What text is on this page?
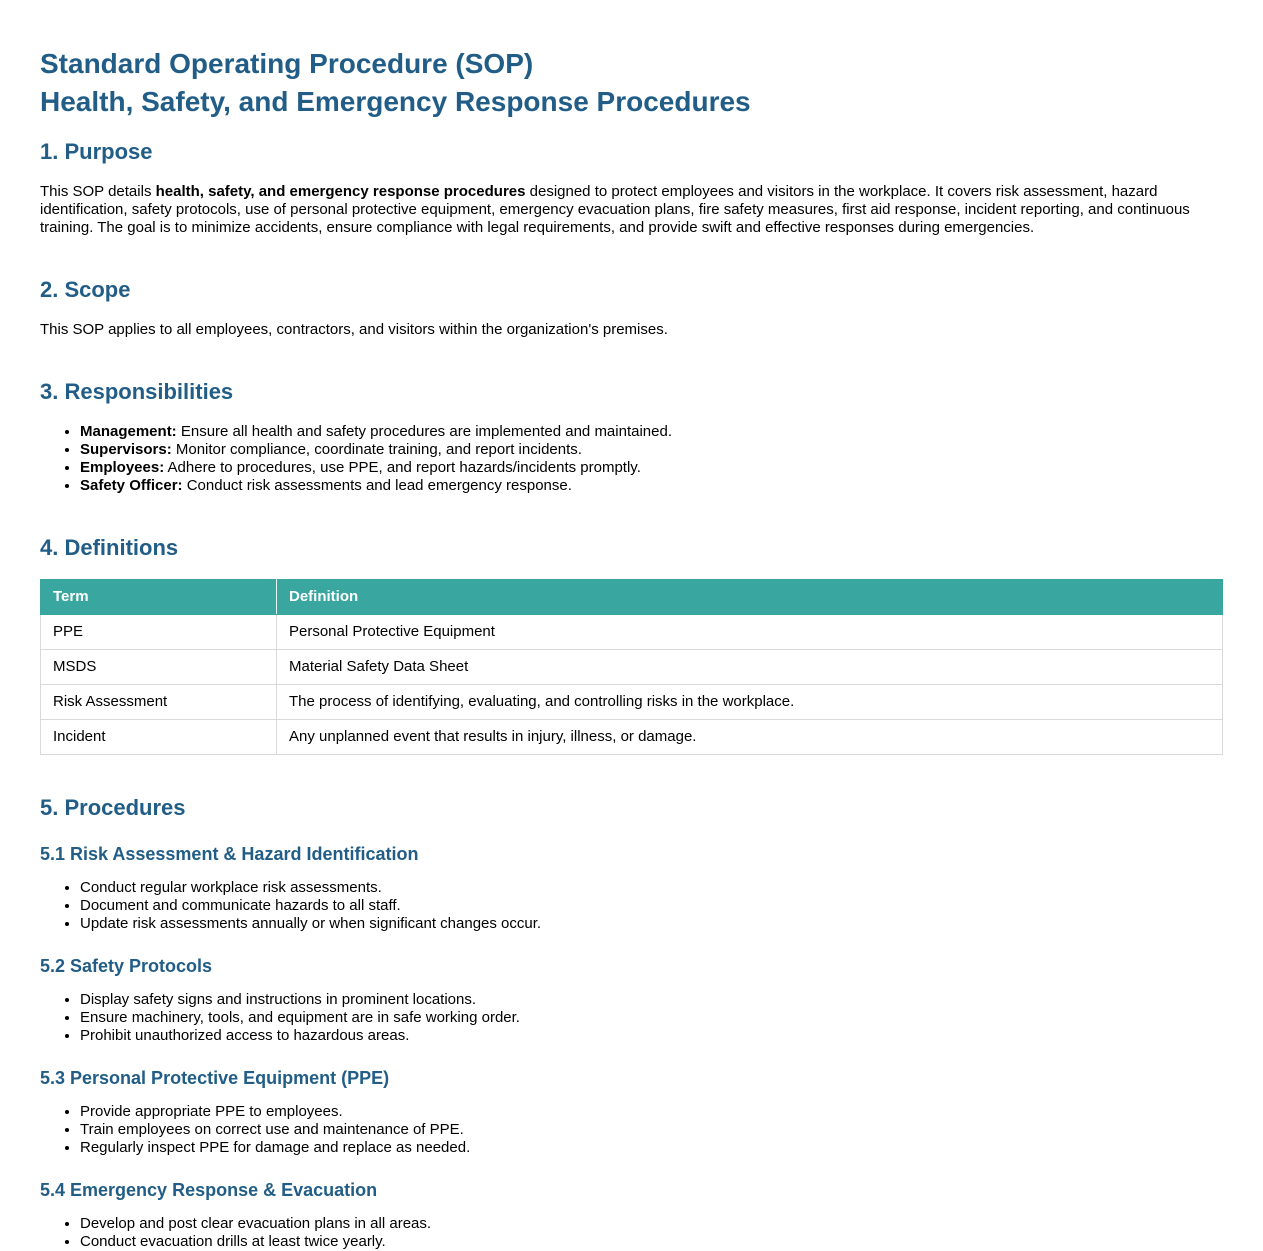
Standard Operating Procedure (SOP)
Health, Safety, and Emergency Response Procedures
1. Purpose

This SOP details health, safety, and emergency response procedures designed to protect employees and visitors in the workplace. It covers risk assessment, hazard identification, safety protocols, use of personal protective equipment, emergency evacuation plans, fire safety measures, first aid response, incident reporting, and continuous training. The goal is to minimize accidents, ensure compliance with legal requirements, and provide swift and effective responses during emergencies.

2. Scope

This SOP applies to all employees, contractors, and visitors within the organization's premises.

3. Responsibilities
• Management: Ensure all health and safety procedures are implemented and maintained.
• Supervisors: Monitor compliance, coordinate training, and report incidents.
• Employees: Adhere to procedures, use PPE, and report hazards/incidents promptly.
• Safety Officer: Conduct risk assessments and lead emergency response.
4. Definitions
Term	Definition
PPE	Personal Protective Equipment
MSDS	Material Safety Data Sheet
Risk Assessment	The process of identifying, evaluating, and controlling risks in the workplace.
Incident	Any unplanned event that results in injury, illness, or damage.
5. Procedures
5.1 Risk Assessment & Hazard Identification
• Conduct regular workplace risk assessments.
• Document and communicate hazards to all staff.
• Update risk assessments annually or when significant changes occur.
5.2 Safety Protocols
• Display safety signs and instructions in prominent locations.
• Ensure machinery, tools, and equipment are in safe working order.
• Prohibit unauthorized access to hazardous areas.
5.3 Personal Protective Equipment (PPE)
• Provide appropriate PPE to employees.
• Train employees on correct use and maintenance of PPE.
• Regularly inspect PPE for damage and replace as needed.
5.4 Emergency Response & Evacuation
• Develop and post clear evacuation plans in all areas.
• Conduct evacuation drills at least twice yearly.
